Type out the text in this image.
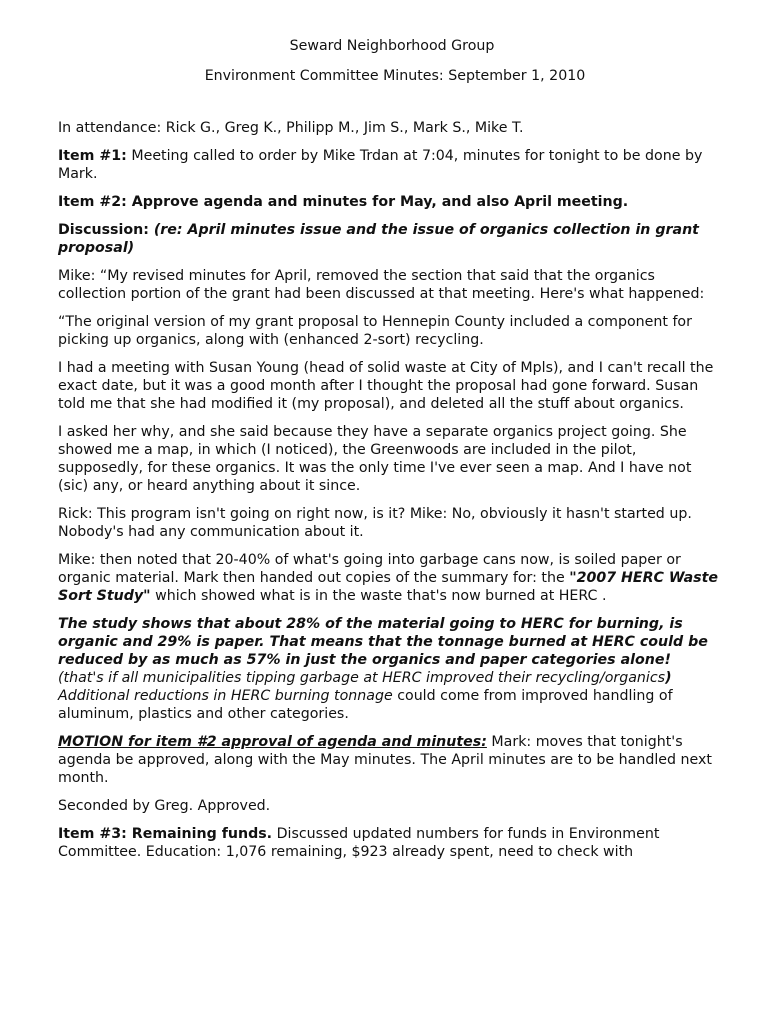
Seward Neighborhood Group

Environment Committee Minutes: September 1, 2010

In attendance: Rick G., Greg K., Philipp M., Jim S., Mark S., Mike T.

Item #1: Meeting called to order by Mike Trdan at 7:04, minutes for tonight to be done by Mark.

Item #2: Approve agenda and minutes for May, and also April meeting.

Discussion: (re: April minutes issue and the issue of organics collection in grant proposal)

Mike: “My revised minutes for April, removed the section that said that the organics collection portion of the grant had been discussed at that meeting. Here's what happened:

“The original version of my grant proposal to Hennepin County included a component for picking up organics, along with (enhanced 2-sort) recycling.

I had a meeting with Susan Young (head of solid waste at City of Mpls), and I can't recall the exact date, but it was a good month after I thought the proposal had gone forward. Susan told me that she had modified it (my proposal), and deleted all the stuff about organics.

I asked her why, and she said because they have a separate organics project going. She showed me a map, in which (I noticed), the Greenwoods are included in the pilot, supposedly, for these organics. It was the only time I've ever seen a map. And I have not (sic) any, or heard anything about it since.

Rick: This program isn't going on right now, is it? Mike: No, obviously it hasn't started up. Nobody's had any communication about it.

Mike: then noted that 20-40% of what's going into garbage cans now, is soiled paper or organic material. Mark then handed out copies of the summary for: the "2007 HERC Waste Sort Study" which showed what is in the waste that's now burned at HERC .

The study shows that about 28% of the material going to HERC for burning, is organic and 29% is paper. That means that the tonnage burned at HERC could be reduced by as much as 57% in just the organics and paper categories alone! (that's if all municipalities tipping garbage at HERC improved their recycling/organics) Additional reductions in HERC burning tonnage could come from improved handling of aluminum, plastics and other categories.

MOTION for item #2 approval of agenda and minutes: Mark: moves that tonight's agenda be approved, along with the May minutes. The April minutes are to be handled next month.

Seconded by Greg. Approved.

Item #3: Remaining funds. Discussed updated numbers for funds in Environment Committee. Education: 1,076 remaining, $923 already spent, need to check with
